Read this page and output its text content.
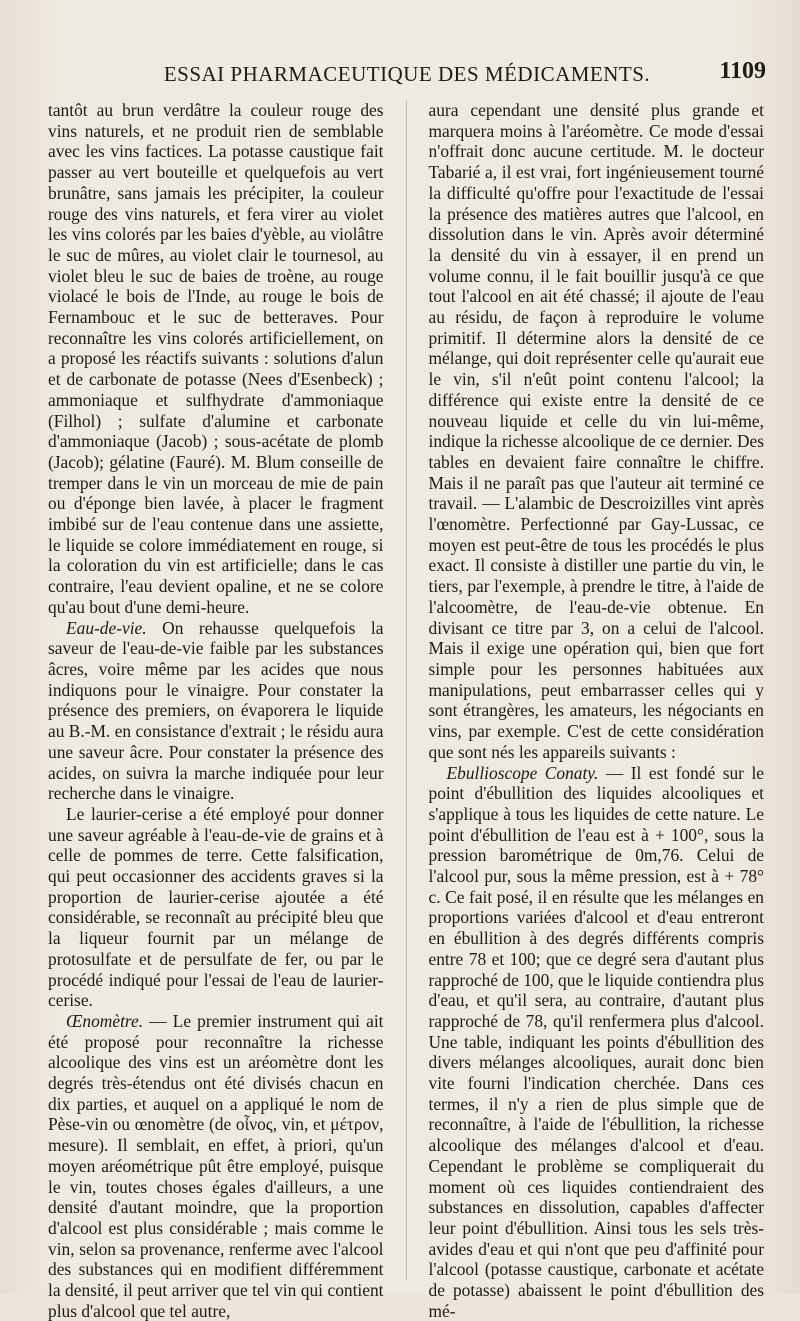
ESSAI PHARMACEUTIQUE DES MÉDICAMENTS.	1109

tantôt au brun verdâtre la couleur rouge des vins naturels, et ne produit rien de semblable avec les vins factices. La potasse caustique fait passer au vert bouteille et quelquefois au vert brunâtre, sans jamais les précipiter, la couleur rouge des vins naturels, et fera virer au violet les vins colorés par les baies d'yèble, au violâtre le suc de mûres, au violet clair le tournesol, au violet bleu le suc de baies de troène, au rouge violacé le bois de l'Inde, au rouge le bois de Fernambouc et le suc de betteraves. Pour reconnaître les vins colorés artificiellement, on a proposé les réactifs suivants : solutions d'alun et de carbonate de potasse (Nees d'Esenbeck) ; ammoniaque et sulfhydrate d'ammoniaque (Filhol) ; sulfate d'alumine et carbonate d'ammoniaque (Jacob) ; sous-acétate de plomb (Jacob); gélatine (Fauré). M. Blum conseille de tremper dans le vin un morceau de mie de pain ou d'éponge bien lavée, à placer le fragment imbibé sur de l'eau contenue dans une assiette, le liquide se colore immédiatement en rouge, si la coloration du vin est artificielle; dans le cas contraire, l'eau devient opaline, et ne se colore qu'au bout d'une demi-heure.

Eau-de-vie. On rehausse quelquefois la saveur de l'eau-de-vie faible par les substances âcres, voire même par les acides que nous indiquons pour le vinaigre. Pour constater la présence des premiers, on évaporera le liquide au B.-M. en consistance d'extrait ; le résidu aura une saveur âcre. Pour constater la présence des acides, on suivra la marche indiquée pour leur recherche dans le vinaigre.

Le laurier-cerise a été employé pour donner une saveur agréable à l'eau-de-vie de grains et à celle de pommes de terre. Cette falsification, qui peut occasionner des accidents graves si la proportion de laurier-cerise ajoutée a été considérable, se reconnaît au précipité bleu que la liqueur fournit par un mélange de protosulfate et de persulfate de fer, ou par le procédé indiqué pour l'essai de l'eau de laurier-cerise.

Œnomètre. — Le premier instrument qui ait été proposé pour reconnaître la richesse alcoolique des vins est un aréomètre dont les degrés très-étendus ont été divisés chacun en dix parties, et auquel on a appliqué le nom de Pèse-vin ou œnomètre (de οἶνος, vin, et μέτρον, mesure). Il semblait, en effet, à priori, qu'un moyen aréométrique pût être employé, puisque le vin, toutes choses égales d'ailleurs, a une densité d'autant moindre, que la proportion d'alcool est plus considérable ; mais comme le vin, selon sa provenance, renferme avec l'alcool des substances qui en modifient différemment la densité, il peut arriver que tel vin qui contient plus d'alcool que tel autre,

aura cependant une densité plus grande et marquera moins à l'aréomètre. Ce mode d'essai n'offrait donc aucune certitude. M. le docteur Tabarié a, il est vrai, fort ingénieusement tourné la difficulté qu'offre pour l'exactitude de l'essai la présence des matières autres que l'alcool, en dissolution dans le vin. Après avoir déterminé la densité du vin à essayer, il en prend un volume connu, il le fait bouillir jusqu'à ce que tout l'alcool en ait été chassé; il ajoute de l'eau au résidu, de façon à reproduire le volume primitif. Il détermine alors la densité de ce mélange, qui doit représenter celle qu'aurait eue le vin, s'il n'eût point contenu l'alcool; la différence qui existe entre la densité de ce nouveau liquide et celle du vin lui-même, indique la richesse alcoolique de ce dernier. Des tables en devaient faire connaître le chiffre. Mais il ne paraît pas que l'auteur ait terminé ce travail. — L'alambic de Descroizilles vint après l'œnomètre. Perfectionné par Gay-Lussac, ce moyen est peut-être de tous les procédés le plus exact. Il consiste à distiller une partie du vin, le tiers, par l'exemple, à prendre le titre, à l'aide de l'alcoomètre, de l'eau-de-vie obtenue. En divisant ce titre par 3, on a celui de l'alcool. Mais il exige une opération qui, bien que fort simple pour les personnes habituées aux manipulations, peut embarrasser celles qui y sont étrangères, les amateurs, les négociants en vins, par exemple. C'est de cette considération que sont nés les appareils suivants :

Ebullioscope Conaty. — Il est fondé sur le point d'ébullition des liquides alcooliques et s'applique à tous les liquides de cette nature. Le point d'ébullition de l'eau est à + 100°, sous la pression barométrique de 0m,76. Celui de l'alcool pur, sous la même pression, est à + 78° c. Ce fait posé, il en résulte que les mélanges en proportions variées d'alcool et d'eau entreront en ébullition à des degrés différents compris entre 78 et 100; que ce degré sera d'autant plus rapproché de 100, que le liquide contiendra plus d'eau, et qu'il sera, au contraire, d'autant plus rapproché de 78, qu'il renfermera plus d'alcool. Une table, indiquant les points d'ébullition des divers mélanges alcooliques, aurait donc bien vite fourni l'indication cherchée. Dans ces termes, il n'y a rien de plus simple que de reconnaître, à l'aide de l'ébullition, la richesse alcoolique des mélanges d'alcool et d'eau. Cependant le problème se compliquerait du moment où ces liquides contiendraient des substances en dissolution, capables d'affecter leur point d'ébullition. Ainsi tous les sels très-avides d'eau et qui n'ont que peu d'affinité pour l'alcool (potasse caustique, carbonate et acétate de potasse) abaissent le point d'ébullition des mé-
